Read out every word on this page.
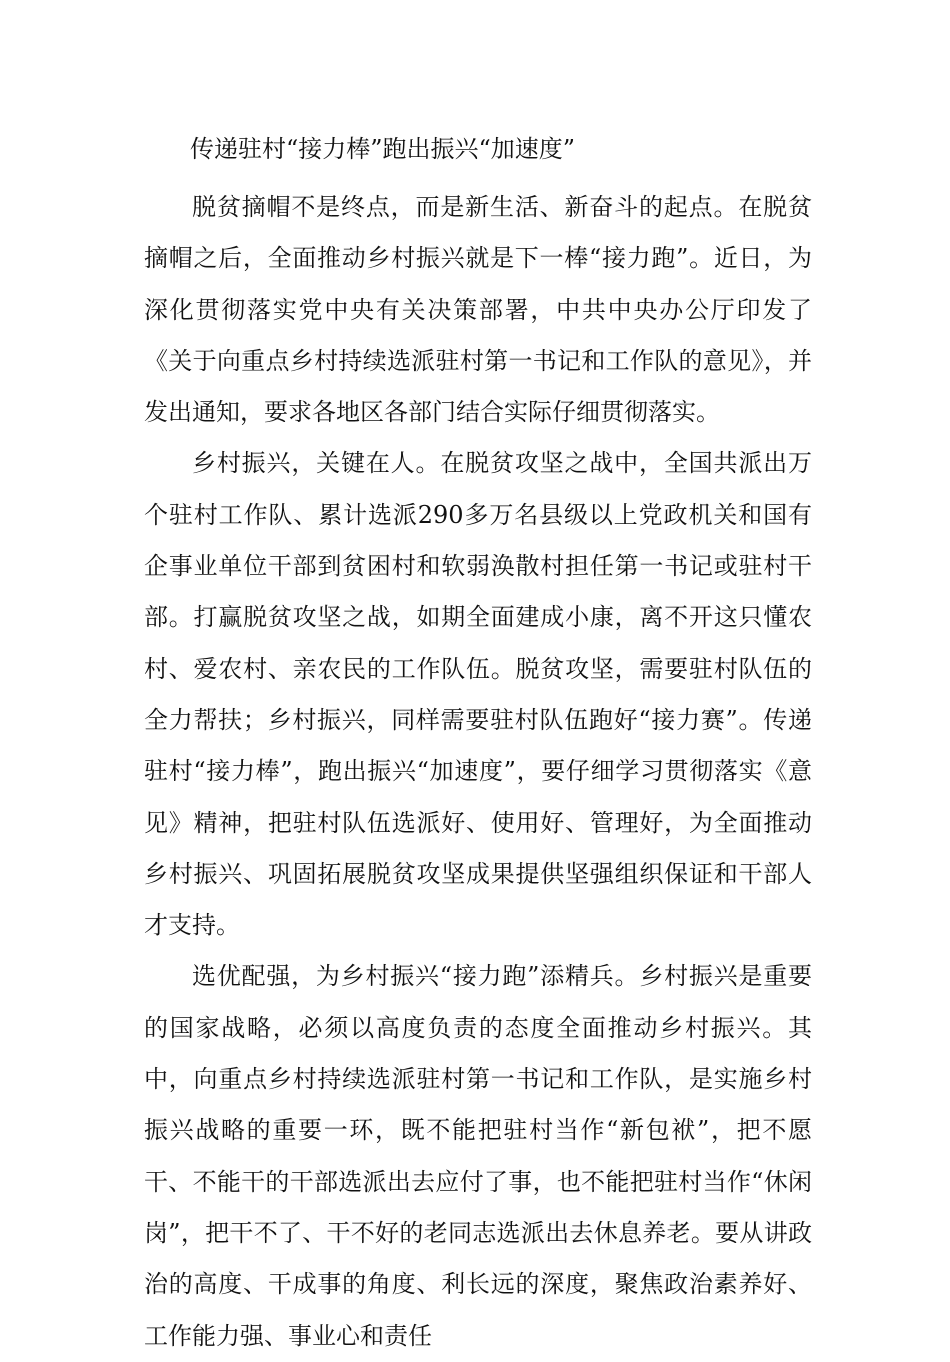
传递驻村“接力棒”跑出振兴“加速度”

脱贫摘帽不是终点，而是新生活、新奋斗的起点。在脱贫摘帽之后，全面推动乡村振兴就是下一棒“接力跑”。近日，为深化贯彻落实党中央有关决策部署，中共中央办公厅印发了《关于向重点乡村持续选派驻村第一书记和工作队的意见》，并发出通知，要求各地区各部门结合实际仔细贯彻落实。

乡村振兴，关键在人。在脱贫攻坚之战中，全国共派出万个驻村工作队、累计选派290多万名县级以上党政机关和国有企事业单位干部到贫困村和软弱涣散村担任第一书记或驻村干部。打赢脱贫攻坚之战，如期全面建成小康，离不开这只懂农村、爱农村、亲农民的工作队伍。脱贫攻坚，需要驻村队伍的全力帮扶；乡村振兴，同样需要驻村队伍跑好“接力赛”。传递驻村“接力棒”，跑出振兴“加速度”，要仔细学习贯彻落实《意见》精神，把驻村队伍选派好、使用好、管理好，为全面推动乡村振兴、巩固拓展脱贫攻坚成果提供坚强组织保证和干部人才支持。

选优配强，为乡村振兴“接力跑”添精兵。乡村振兴是重要的国家战略，必须以高度负责的态度全面推动乡村振兴。其中，向重点乡村持续选派驻村第一书记和工作队，是实施乡村振兴战略的重要一环，既不能把驻村当作“新包袱”，把不愿干、不能干的干部选派出去应付了事，也不能把驻村当作“休闲岗”，把干不了、干不好的老同志选派出去休息养老。要从讲政治的高度、干成事的角度、利长远的深度，聚焦政治素养好、工作能力强、事业心和责任
